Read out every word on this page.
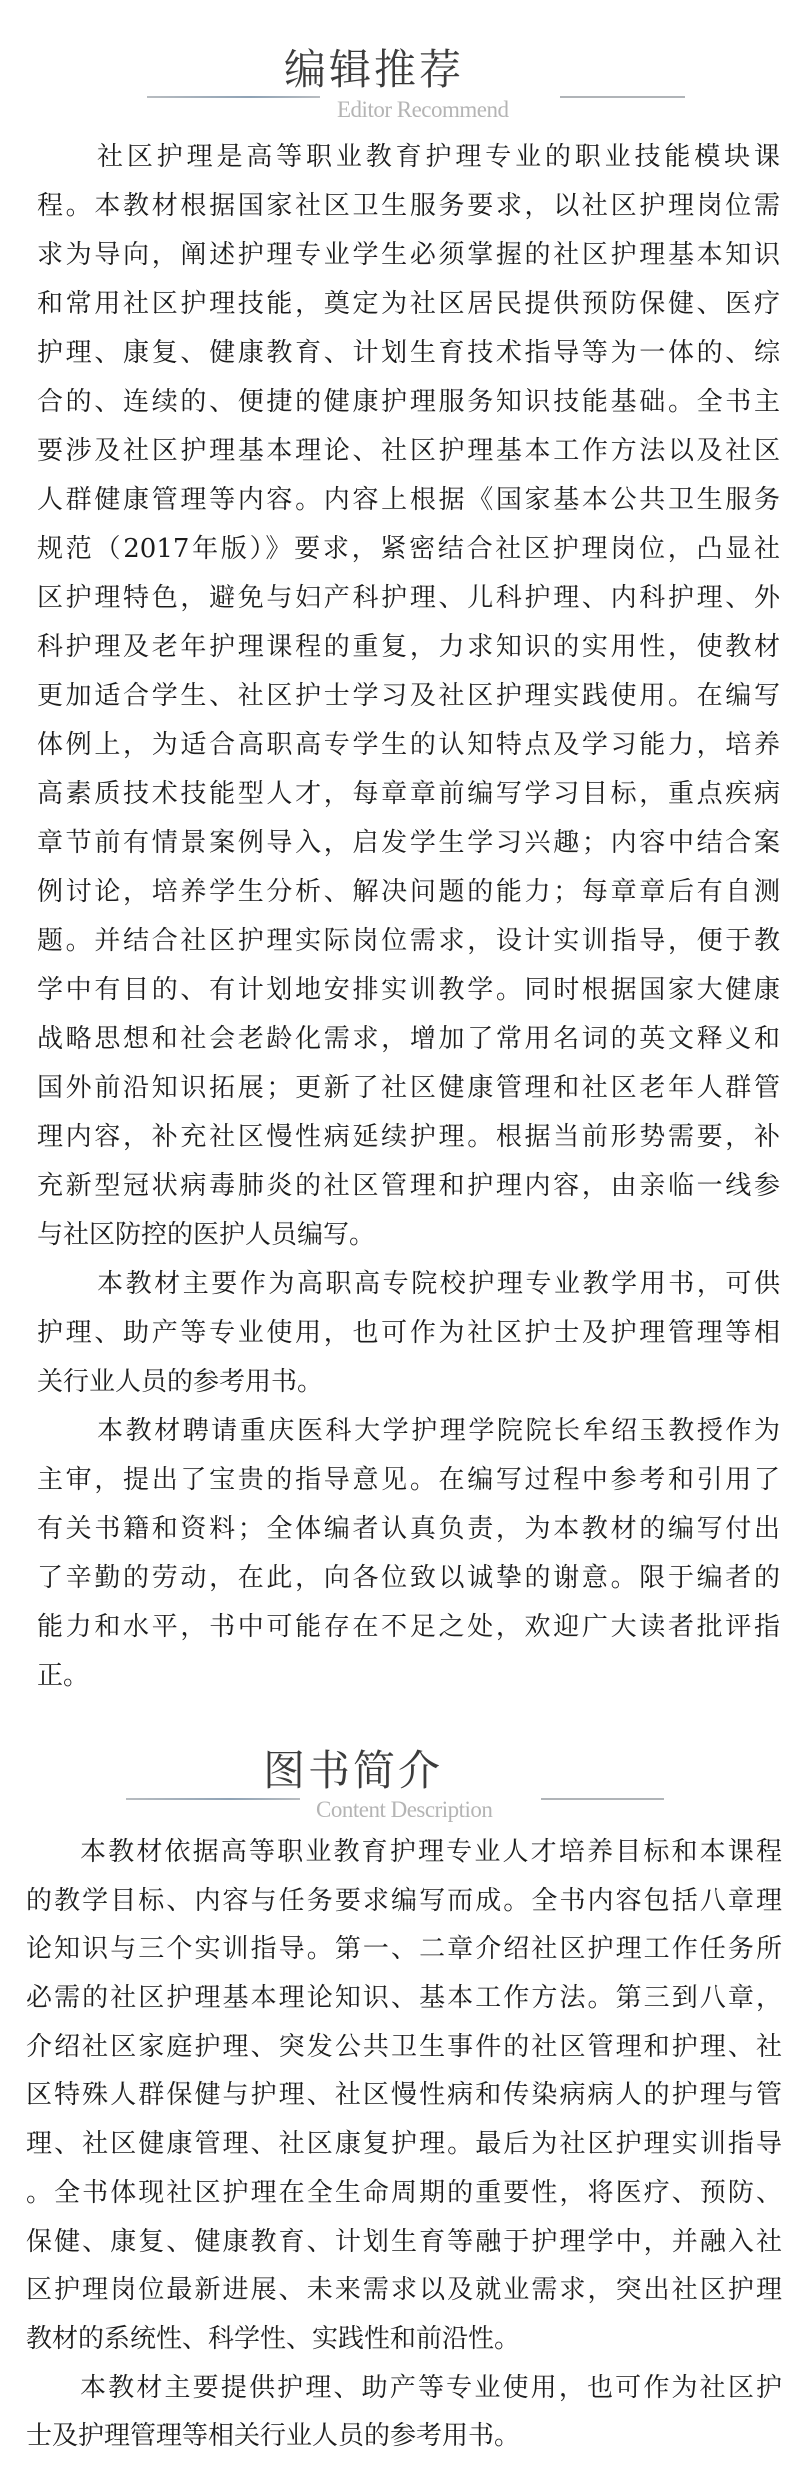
编辑推荐
Editor Recommend
社区护理是高等职业教育护理专业的职业技能模块课
程。本教材根据国家社区卫生服务要求，以社区护理岗位需
求为导向，阐述护理专业学生必须掌握的社区护理基本知识
和常用社区护理技能，奠定为社区居民提供预防保健、医疗
护理、康复、健康教育、计划生育技术指导等为一体的、综
合的、连续的、便捷的健康护理服务知识技能基础。全书主
要涉及社区护理基本理论、社区护理基本工作方法以及社区
人群健康管理等内容。内容上根据《国家基本公共卫生服务
规范（2017年版）》要求，紧密结合社区护理岗位，凸显社
区护理特色，避免与妇产科护理、儿科护理、内科护理、外
科护理及老年护理课程的重复，力求知识的实用性，使教材
更加适合学生、社区护士学习及社区护理实践使用。在编写
体例上，为适合高职高专学生的认知特点及学习能力，培养
高素质技术技能型人才，每章章前编写学习目标，重点疾病
章节前有情景案例导入，启发学生学习兴趣；内容中结合案
例讨论，培养学生分析、解决问题的能力；每章章后有自测
题。并结合社区护理实际岗位需求，设计实训指导，便于教
学中有目的、有计划地安排实训教学。同时根据国家大健康
战略思想和社会老龄化需求，增加了常用名词的英文释义和
国外前沿知识拓展；更新了社区健康管理和社区老年人群管
理内容，补充社区慢性病延续护理。根据当前形势需要，补
充新型冠状病毒肺炎的社区管理和护理内容，由亲临一线参
与社区防控的医护人员编写。
本教材主要作为高职高专院校护理专业教学用书，可供
护理、助产等专业使用，也可作为社区护士及护理管理等相
关行业人员的参考用书。
本教材聘请重庆医科大学护理学院院长牟绍玉教授作为
主审，提出了宝贵的指导意见。在编写过程中参考和引用了
有关书籍和资料；全体编者认真负责，为本教材的编写付出
了辛勤的劳动，在此，向各位致以诚挚的谢意。限于编者的
能力和水平，书中可能存在不足之处，欢迎广大读者批评指
正。
图书简介
Content Description
本教材依据高等职业教育护理专业人才培养目标和本课程
的教学目标、内容与任务要求编写而成。全书内容包括八章理
论知识与三个实训指导。第一、二章介绍社区护理工作任务所
必需的社区护理基本理论知识、基本工作方法。第三到八章，
介绍社区家庭护理、突发公共卫生事件的社区管理和护理、社
区特殊人群保健与护理、社区慢性病和传染病病人的护理与管
理、社区健康管理、社区康复护理。最后为社区护理实训指导
。全书体现社区护理在全生命周期的重要性，将医疗、预防、
保健、康复、健康教育、计划生育等融于护理学中，并融入社
区护理岗位最新进展、未来需求以及就业需求，突出社区护理
教材的系统性、科学性、实践性和前沿性。
本教材主要提供护理、助产等专业使用，也可作为社区护
士及护理管理等相关行业人员的参考用书。
